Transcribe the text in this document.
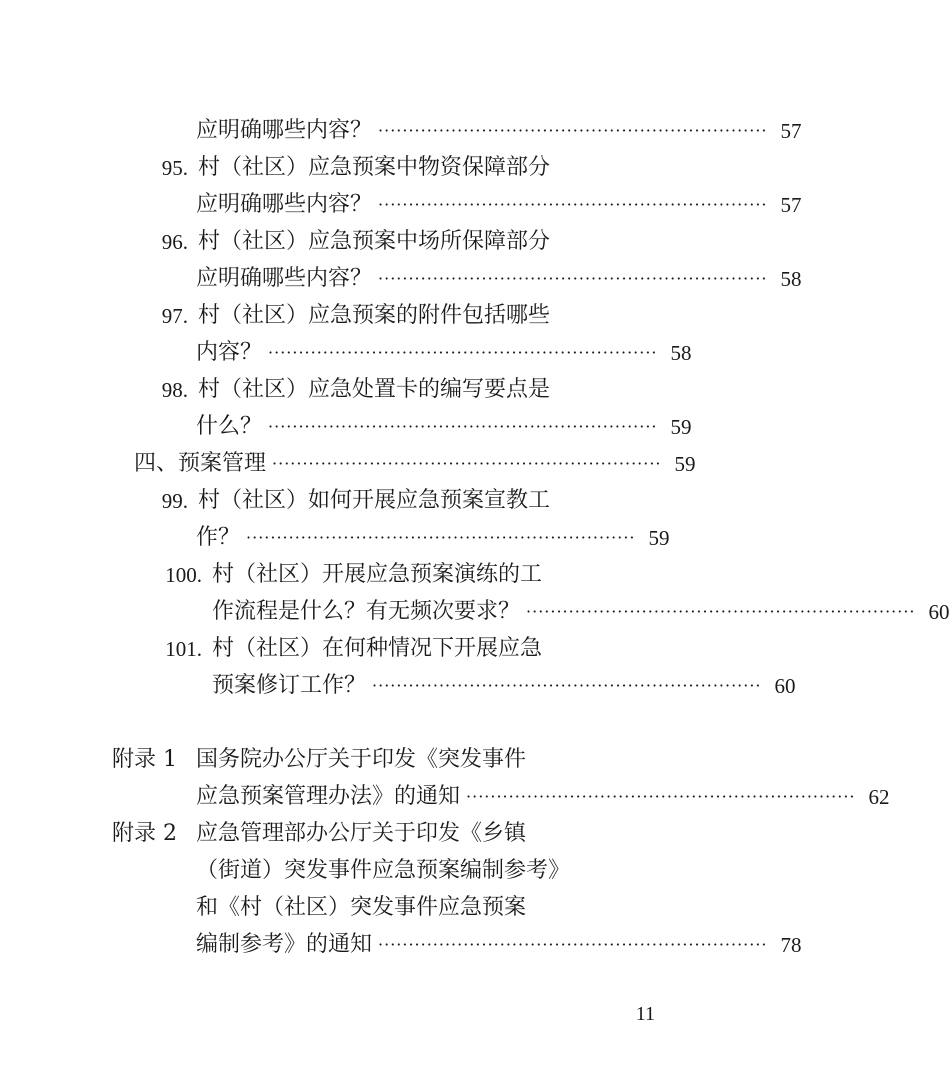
应明确哪些内容？ ································································ 57
95. 村（社区）应急预案中物资保障部分
应明确哪些内容？ ································································ 57
96. 村（社区）应急预案中场所保障部分
应明确哪些内容？ ································································ 58
97. 村（社区）应急预案的附件包括哪些
内容？ ································································ 58
98. 村（社区）应急处置卡的编写要点是
什么？ ································································ 59
四、预案管理 ································································ 59
99. 村（社区）如何开展应急预案宣教工
作？ ································································ 59
100. 村（社区）开展应急预案演练的工
作流程是什么？有无频次要求？ ································································ 60
101. 村（社区）在何种情况下开展应急
预案修订工作？ ································································ 60
附录 1 国务院办公厅关于印发《突发事件
应急预案管理办法》的通知 ································································ 62
附录 2 应急管理部办公厅关于印发《乡镇
（街道）突发事件应急预案编制参考》
和《村（社区）突发事件应急预案
编制参考》的通知 ································································ 78
11
